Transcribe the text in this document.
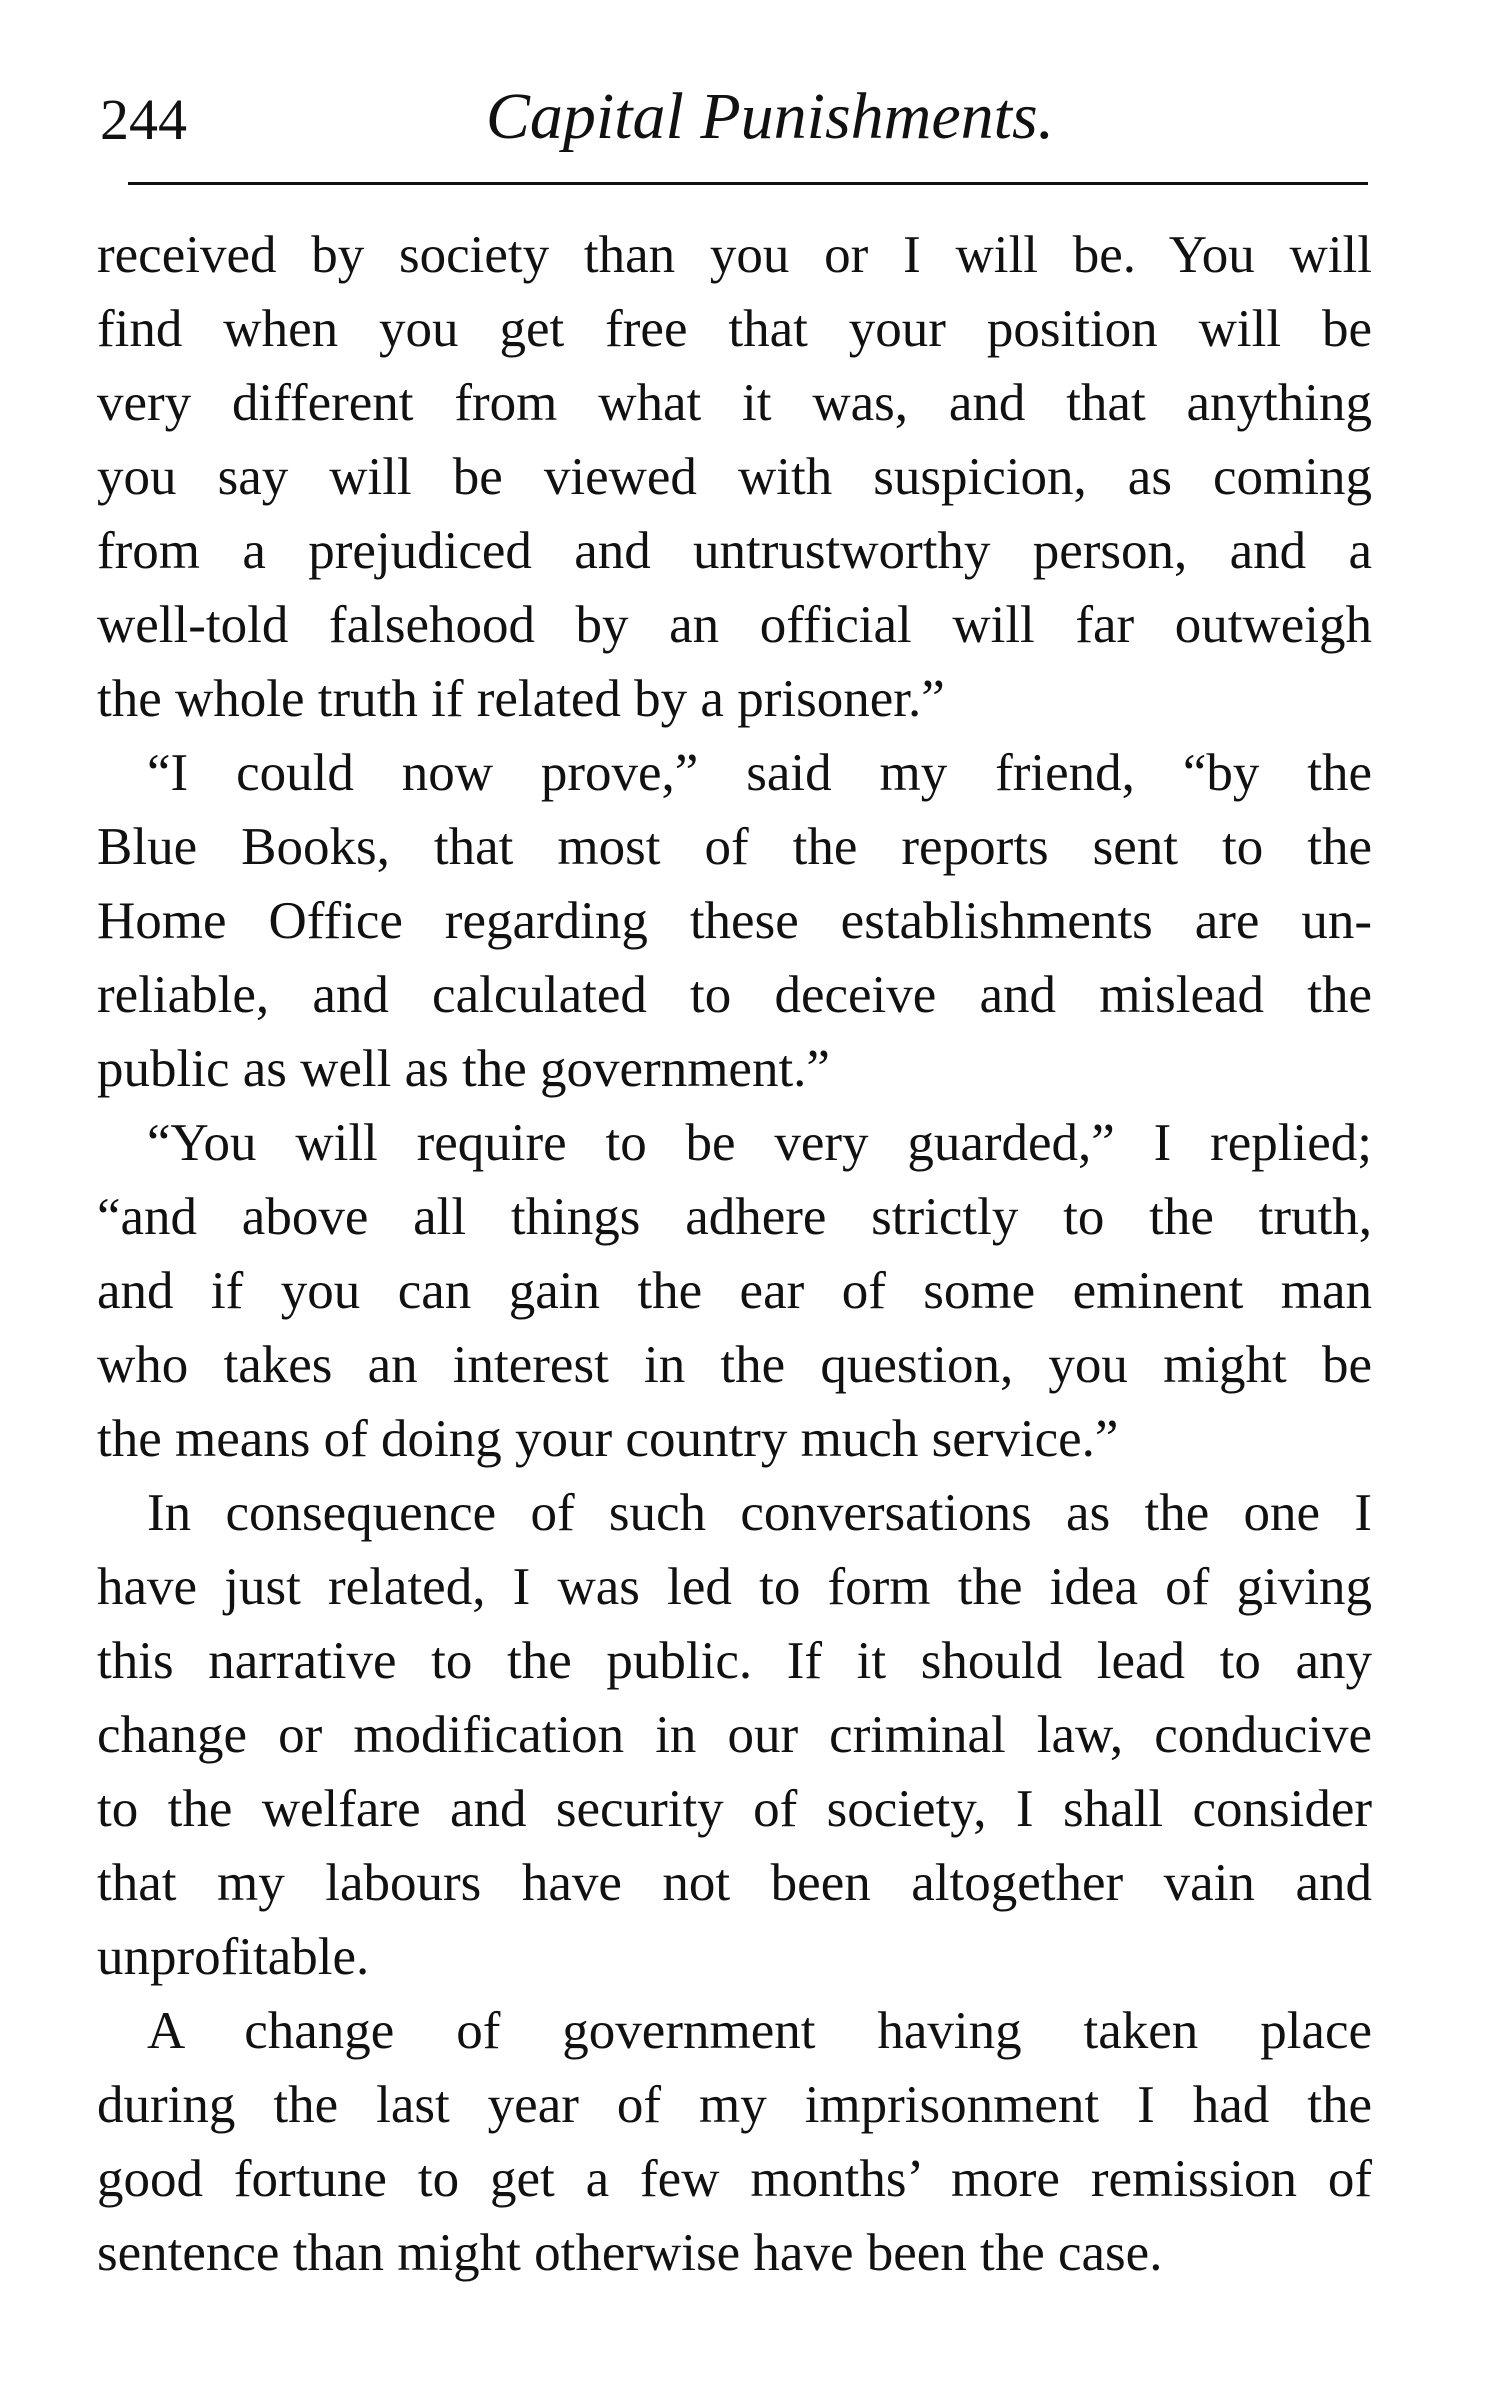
244	Capital Punishments.

received by society than you or I will be. You will
find when you get free that your position will be
very different from what it was, and that anything
you say will be viewed with suspicion, as coming
from a prejudiced and untrustworthy person, and a
well-told falsehood by an official will far outweigh
the whole truth if related by a prisoner.”

“I could now prove,” said my friend, “by the
Blue Books, that most of the reports sent to the
Home Office regarding these establishments are un-
reliable, and calculated to deceive and mislead the
public as well as the government.”

“You will require to be very guarded,” I replied;
“and above all things adhere strictly to the truth,
and if you can gain the ear of some eminent man
who takes an interest in the question, you might be
the means of doing your country much service.”

In consequence of such conversations as the one I
have just related, I was led to form the idea of giving
this narrative to the public. If it should lead to any
change or modification in our criminal law, conducive
to the welfare and security of society, I shall consider
that my labours have not been altogether vain and
unprofitable.

A change of government having taken place
during the last year of my imprisonment I had the
good fortune to get a few months’ more remission of
sentence than might otherwise have been the case.
